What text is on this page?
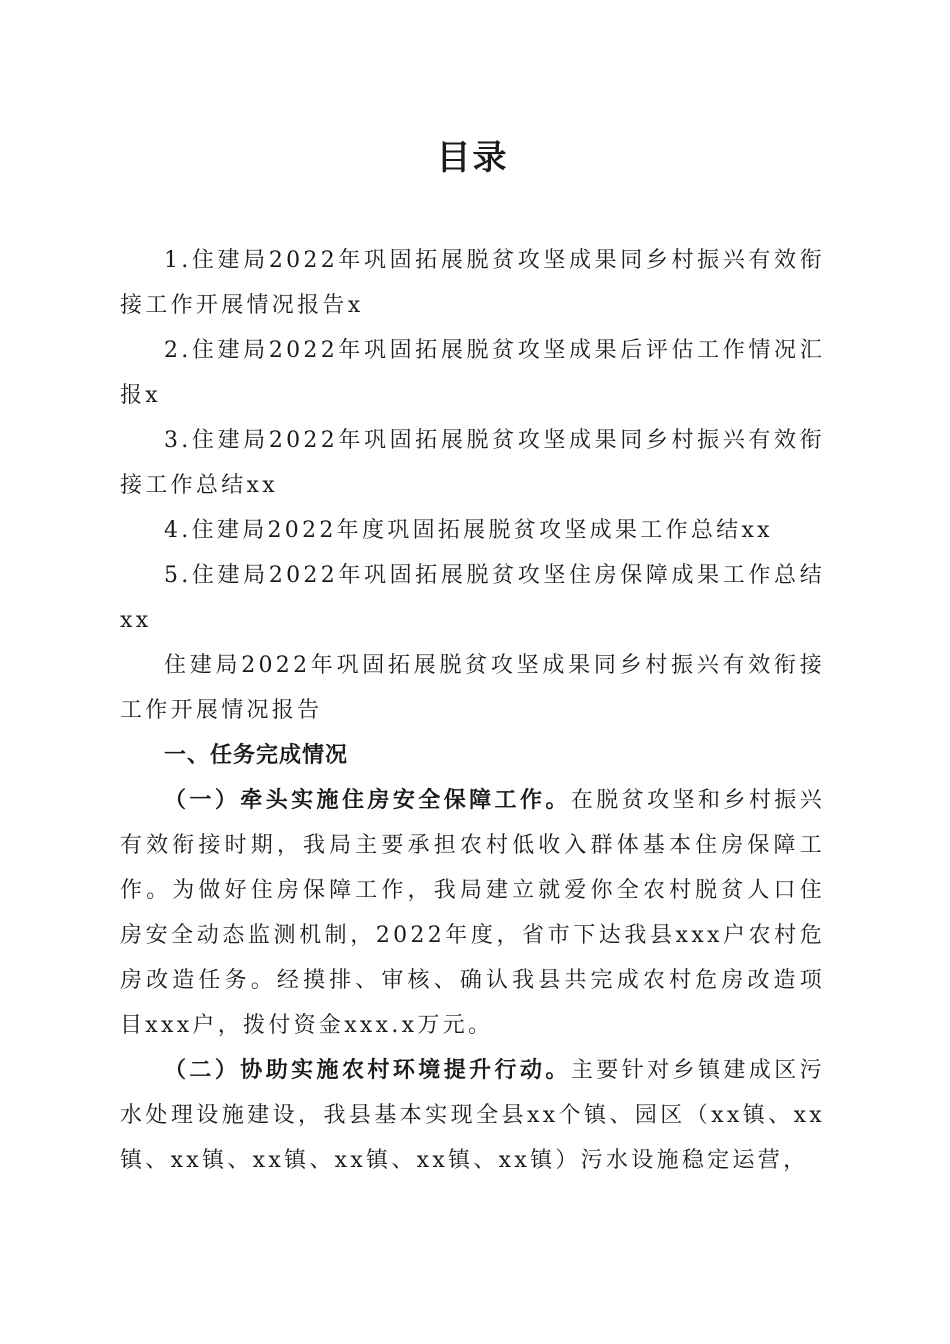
目录

1.住建局2022年巩固拓展脱贫攻坚成果同乡村振兴有效衔接工作开展情况报告x

2.住建局2022年巩固拓展脱贫攻坚成果后评估工作情况汇报x

3.住建局2022年巩固拓展脱贫攻坚成果同乡村振兴有效衔接工作总结xx

4.住建局2022年度巩固拓展脱贫攻坚成果工作总结xx

5.住建局2022年巩固拓展脱贫攻坚住房保障成果工作总结xx

住建局2022年巩固拓展脱贫攻坚成果同乡村振兴有效衔接工作开展情况报告

一、任务完成情况

（一）牵头实施住房安全保障工作。在脱贫攻坚和乡村振兴有效衔接时期，我局主要承担农村低收入群体基本住房保障工作。为做好住房保障工作，我局建立就爱你全农村脱贫人口住房安全动态监测机制，2022年度，省市下达我县xxx户农村危房改造任务。经摸排、审核、确认我县共完成农村危房改造项目xxx户，拨付资金xxx.x万元。

（二）协助实施农村环境提升行动。主要针对乡镇建成区污水处理设施建设，我县基本实现全县xx个镇、园区（xx镇、xx镇、xx镇、xx镇、xx镇、xx镇、xx镇）污水设施稳定运营，
